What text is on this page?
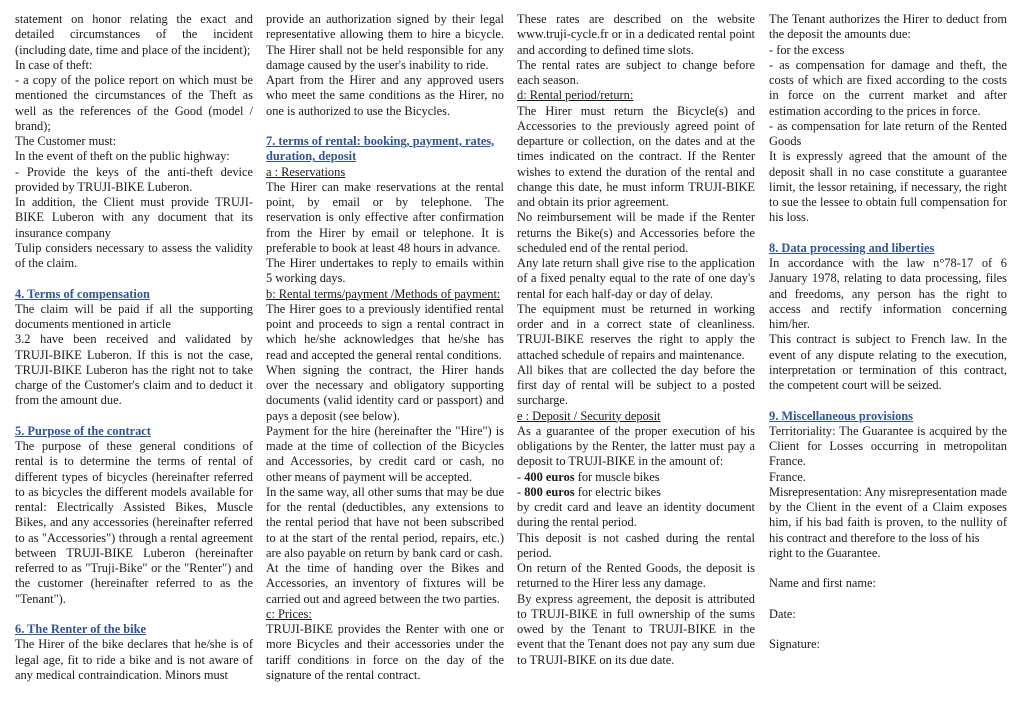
statement on honor relating the exact and detailed circumstances of the incident (including date, time and place of the incident);

In case of theft:

- a copy of the police report on which must be mentioned the circumstances of the Theft as well as the references of the Good (model / brand);

The Customer must:

In the event of theft on the public highway:

- Provide the keys of the anti-theft device provided by TRUJI-BIKE Luberon.

In addition, the Client must provide TRUJI-BIKE Luberon with any document that its insurance company

Tulip considers necessary to assess the validity of the claim.

4. Terms of compensation

The claim will be paid if all the supporting documents mentioned in article

3.2 have been received and validated by TRUJI-BIKE Luberon. If this is not the case, TRUJI-BIKE Luberon has the right not to take charge of the Customer's claim and to deduct it from the amount due.

5. Purpose of the contract

The purpose of these general conditions of rental is to determine the terms of rental of different types of bicycles (hereinafter referred to as bicycles the different models available for rental: Electrically Assisted Bikes, Muscle Bikes, and any accessories (hereinafter referred to as "Accessories") through a rental agreement between TRUJI-BIKE Luberon (hereinafter referred to as "Truji-Bike" or the "Renter") and the customer (hereinafter referred to as the "Tenant").

6. The Renter of the bike

The Hirer of the bike declares that he/she is of legal age, fit to ride a bike and is not aware of any medical contraindication. Minors must

provide an authorization signed by their legal representative allowing them to hire a bicycle. The Hirer shall not be held responsible for any damage caused by the user's inability to ride.

Apart from the Hirer and any approved users who meet the same conditions as the Hirer, no one is authorized to use the Bicycles.

7. terms of rental: booking, payment, rates, duration, deposit

a : Reservations

The Hirer can make reservations at the rental point, by email or by telephone. The reservation is only effective after confirmation from the Hirer by email or telephone. It is preferable to book at least 48 hours in advance.

The Hirer undertakes to reply to emails within 5 working days.

b: Rental terms/payment /Methods of payment:

The Hirer goes to a previously identified rental point and proceeds to sign a rental contract in which he/she acknowledges that he/she has read and accepted the general rental conditions.

When signing the contract, the Hirer hands over the necessary and obligatory supporting documents (valid identity card or passport) and pays a deposit (see below).

Payment for the hire (hereinafter the "Hire") is made at the time of collection of the Bicycles and Accessories, by credit card or cash, no other means of payment will be accepted.

In the same way, all other sums that may be due for the rental (deductibles, any extensions to the rental period that have not been subscribed to at the start of the rental period, repairs, etc.) are also payable on return by bank card or cash.

At the time of handing over the Bikes and Accessories, an inventory of fixtures will be carried out and agreed between the two parties.

c: Prices:

TRUJI-BIKE provides the Renter with one or more Bicycles and their accessories under the tariff conditions in force on the day of the signature of the rental contract.

These rates are described on the website www.truji-cycle.fr or in a dedicated rental point and according to defined time slots.

The rental rates are subject to change before each season.

d: Rental period/return:

The Hirer must return the Bicycle(s) and Accessories to the previously agreed point of departure or collection, on the dates and at the times indicated on the contract. If the Renter wishes to extend the duration of the rental and change this date, he must inform TRUJI-BIKE and obtain its prior agreement.

No reimbursement will be made if the Renter returns the Bike(s) and Accessories before the scheduled end of the rental period.

Any late return shall give rise to the application of a fixed penalty equal to the rate of one day's rental for each half-day or day of delay.

The equipment must be returned in working order and in a correct state of cleanliness. TRUJI-BIKE reserves the right to apply the attached schedule of repairs and maintenance.

All bikes that are collected the day before the first day of rental will be subject to a posted surcharge.

e : Deposit / Security deposit

As a guarantee of the proper execution of his obligations by the Renter, the latter must pay a deposit to TRUJI-BIKE in the amount of:

- 400 euros for muscle bikes

- 800 euros for electric bikes

by credit card and leave an identity document during the rental period.

This deposit is not cashed during the rental period.

On return of the Rented Goods, the deposit is returned to the Hirer less any damage.

By express agreement, the deposit is attributed to TRUJI-BIKE in full ownership of the sums owed by the Tenant to TRUJI-BIKE in the event that the Tenant does not pay any sum due to TRUJI-BIKE on its due date.

The Tenant authorizes the Hirer to deduct from the deposit the amounts due:

- for the excess

- as compensation for damage and theft, the costs of which are fixed according to the costs in force on the current market and after estimation according to the prices in force.

- as compensation for late return of the Rented Goods

It is expressly agreed that the amount of the deposit shall in no case constitute a guarantee limit, the lessor retaining, if necessary, the right to sue the lessee to obtain full compensation for his loss.

8. Data processing and liberties

In accordance with the law n°78-17 of 6 January 1978, relating to data processing, files and freedoms, any person has the right to access and rectify information concerning him/her.

This contract is subject to French law. In the event of any dispute relating to the execution, interpretation or termination of this contract, the competent court will be seized.

9. Miscellaneous provisions

Territoriality: The Guarantee is acquired by the Client for Losses occurring in metropolitan France.

France.

Misrepresentation: Any misrepresentation made by the Client in the event of a Claim exposes him, if his bad faith is proven, to the nullity of his contract and therefore to the loss of his

right to the Guarantee.

Name and first name:

Date:

Signature:
